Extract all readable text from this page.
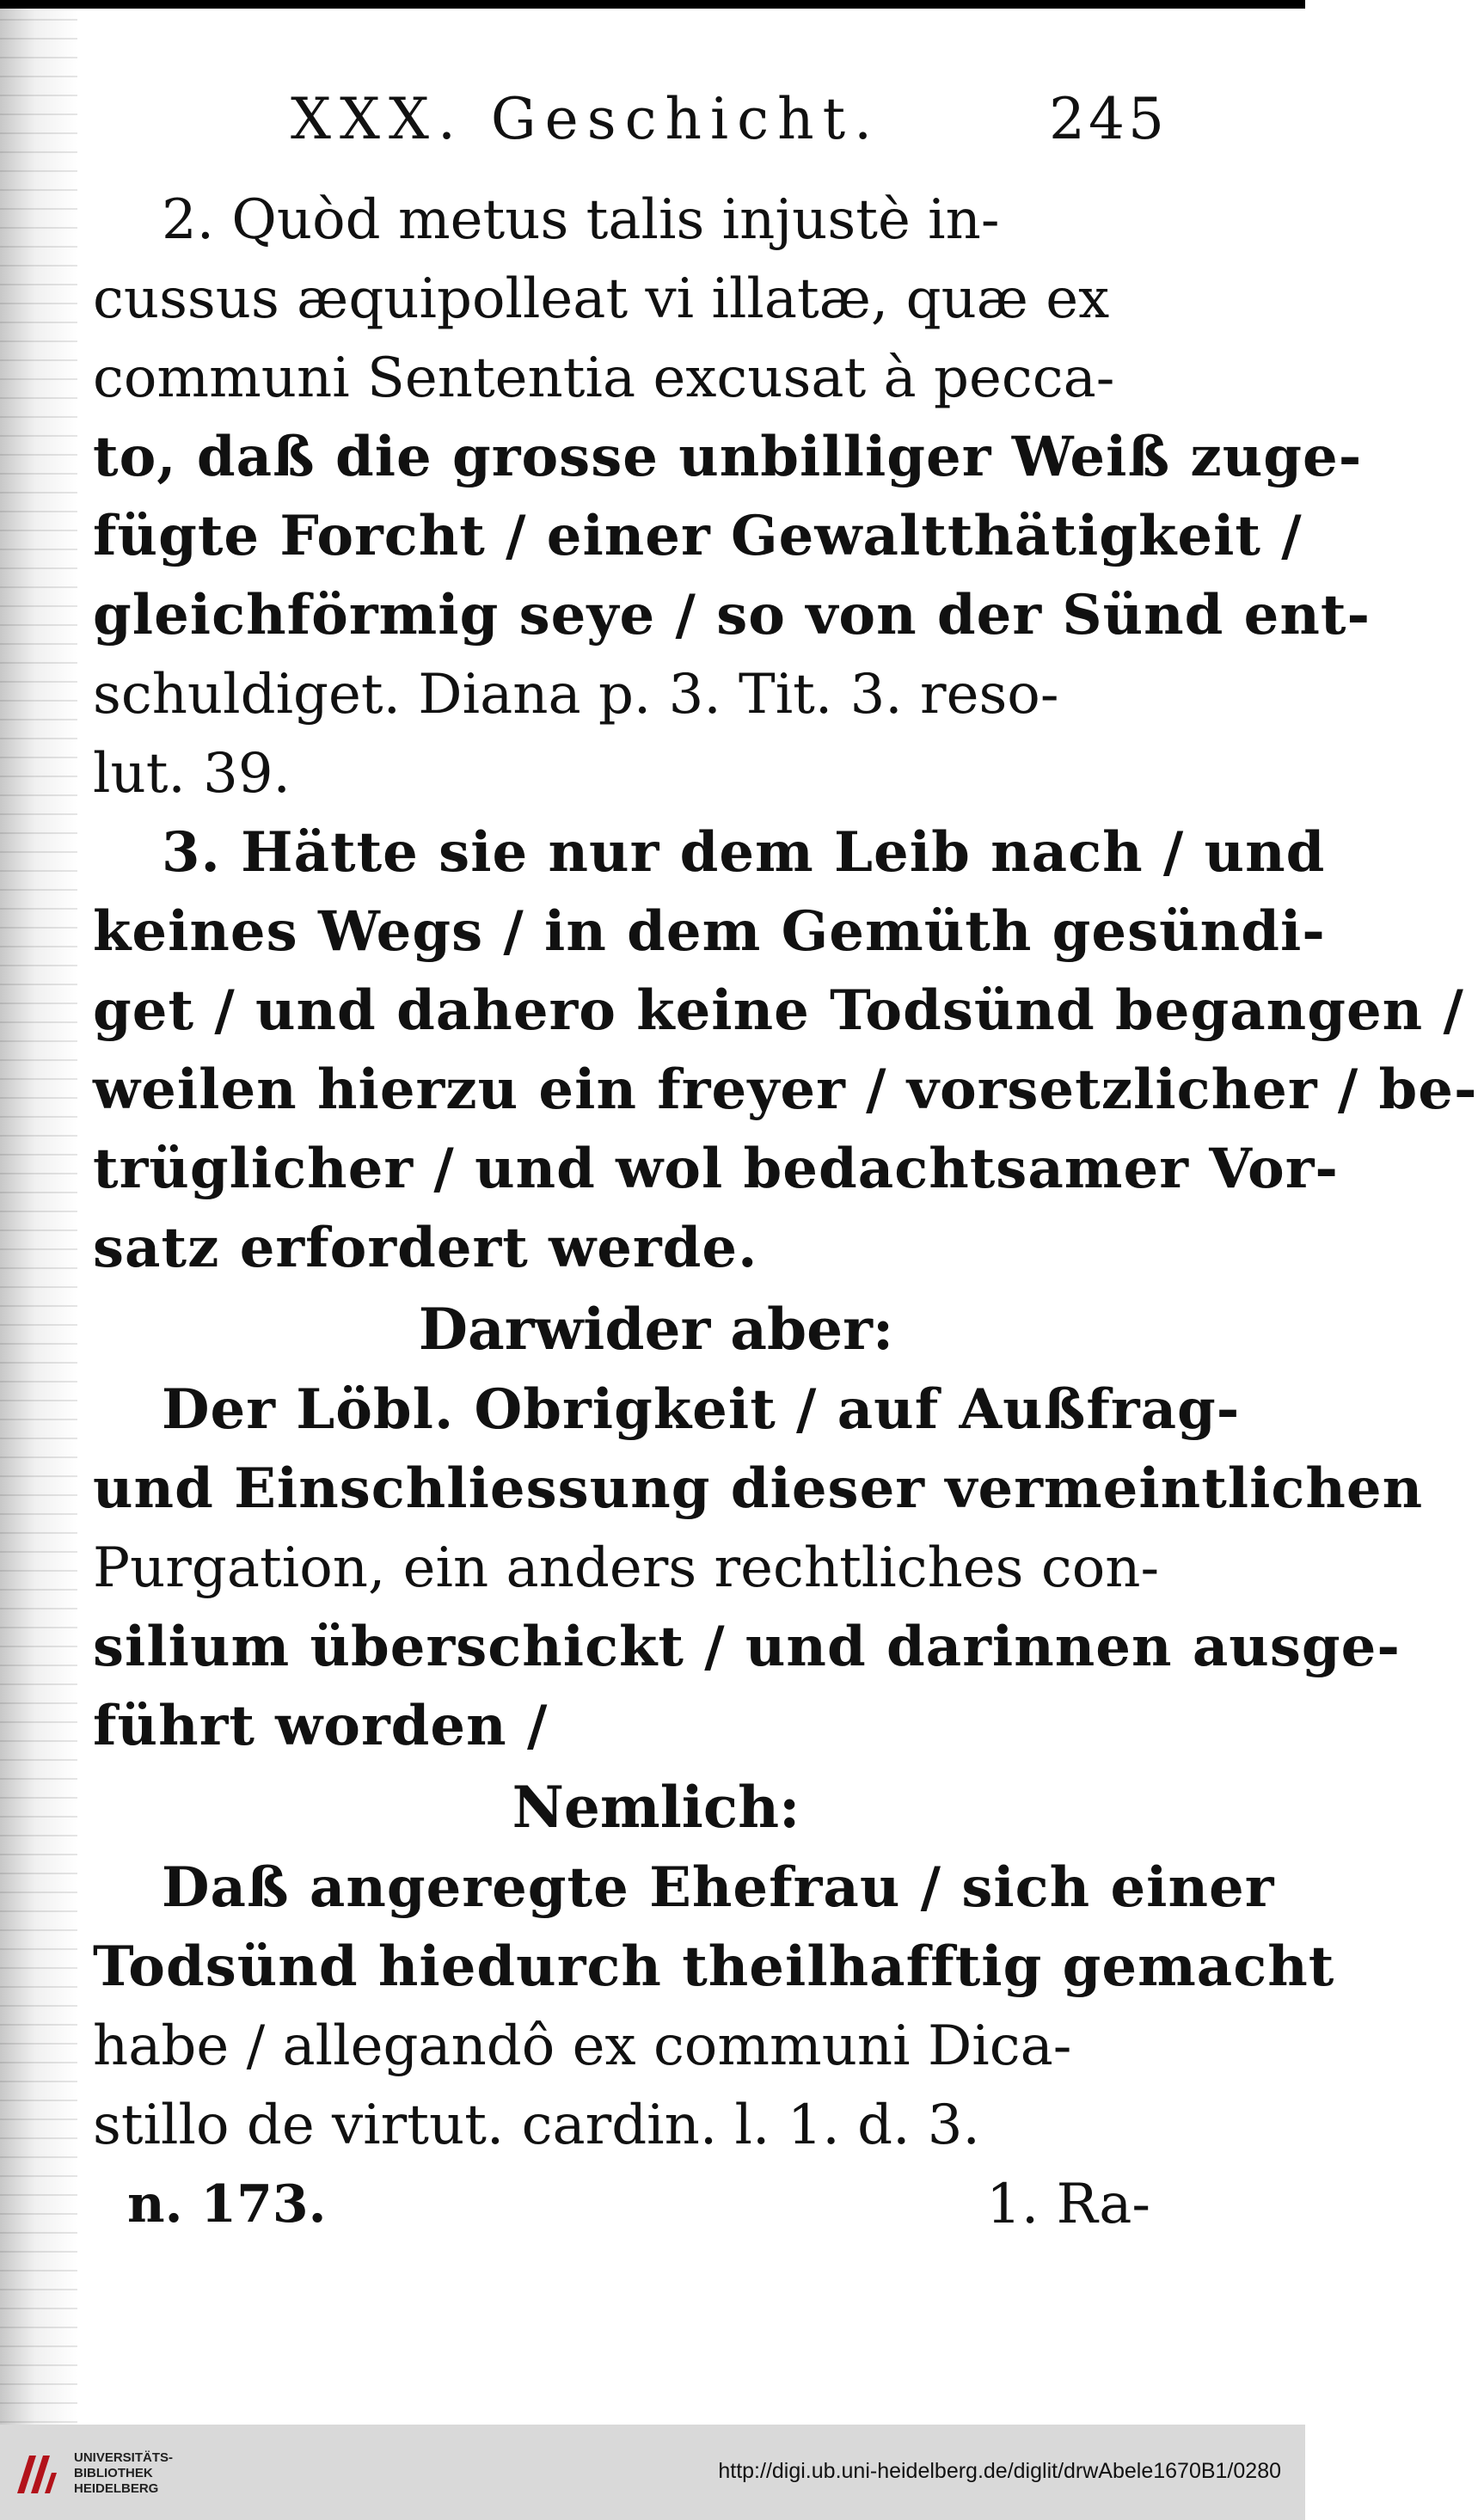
XXX. Geschicht.	245
2. Quòd metus talis injustè in-
cussus æquipolleat vi illatæ, quæ ex
communi Sententia excusat à pecca-
to, daß die grosse unbilliger Weiß zuge-
fügte Forcht / einer Gewaltthätigkeit /
gleichförmig seye / so von der Sünd ent-
schuldiget. Diana p. 3. Tit. 3. reso-
lut. 39.
3. Hätte sie nur dem Leib nach / und
keines Wegs / in dem Gemüth gesündi-
get / und dahero keine Todsünd begangen /
weilen hierzu ein freyer / vorsetzlicher / be-
trüglicher / und wol bedachtsamer Vor-
satz erfordert werde.
Darwider aber:
Der Löbl. Obrigkeit / auf Außfrag-
und Einschliessung dieser vermeintlichen
Purgation, ein anders rechtliches con-
silium überschickt / und darinnen ausge-
führt worden /
Nemlich:
Daß angeregte Ehefrau / sich einer
Todsünd hiedurch theilhafftig gemacht
habe / allegandô ex communi Dica-
stillo de virtut. cardin. l. 1. d. 3.
n. 173.	1. Ra-
UNIVERSITÄTS-
BIBLIOTHEK
HEIDELBERG
http://digi.ub.uni-heidelberg.de/diglit/drwAbele1670B1/0280
